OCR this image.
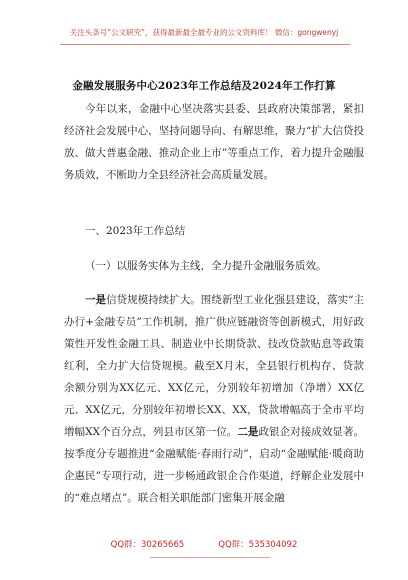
关注头条号“公文研究”，获得最新最全最专业的公文资料库！ 微信：gongwenyj
金融发展服务中心2023年工作总结及2024年工作打算

今年以来，金融中心坚决落实县委、县政府决策部署，紧扣经济社会发展中心，坚持问题导向、有解思维，聚力“扩大信贷投放、做大普惠金融、推动企业上市”等重点工作，着力提升金融服务质效，不断助力全县经济社会高质量发展。

一、2023年工作总结

（一）以服务实体为主线，全力提升金融服务质效。

一是信贷规模持续扩大。围绕新型工业化强县建设，落实“主办行+金融专员”工作机制，推广供应链融资等创新模式，用好政策性开发性金融工具、制造业中长期贷款、技改贷款贴息等政策红利，全力扩大信贷规模。截至X月末，全县银行机构存、贷款余额分别为XX亿元、XX亿元，分别较年初增加（净增）XX亿元、XX亿元，分别较年初增长XX、XX，贷款增幅高于全市平均增幅XX个百分点，列县市区第一位。二是政银企对接成效显著。按季度分专题推进“金融赋能·春雨行动”，启动“金融赋能·暖商助企惠民”专项行动，进一步畅通政银企合作渠道，纾解企业发展中的“难点堵点”。联合相关职能部门密集开展金融

QQ群：30265665	QQ群：535304092
